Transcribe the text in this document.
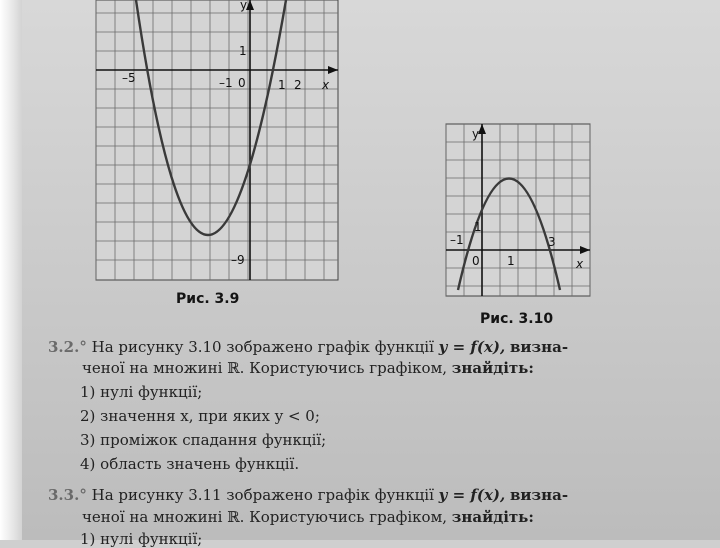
y
x
–5	–1 0	1 2
1
–9
Рис. 3.9
y
x
–1
0 1
3
1
Рис. 3.10
3.2.° На рисунку 3.10 зображено графік функції y = f(x), визна-
ченої на множині ℝ. Користуючись графіком, знайдіть:
1) нулі функції;
2) значення x, при яких y < 0;
3) проміжок спадання функції;
4) область значень функції.
3.3.° На рисунку 3.11 зображено графік функції y = f(x), визна-
ченої на множині ℝ. Користуючись графіком, знайдіть:
1) нулі функції;
